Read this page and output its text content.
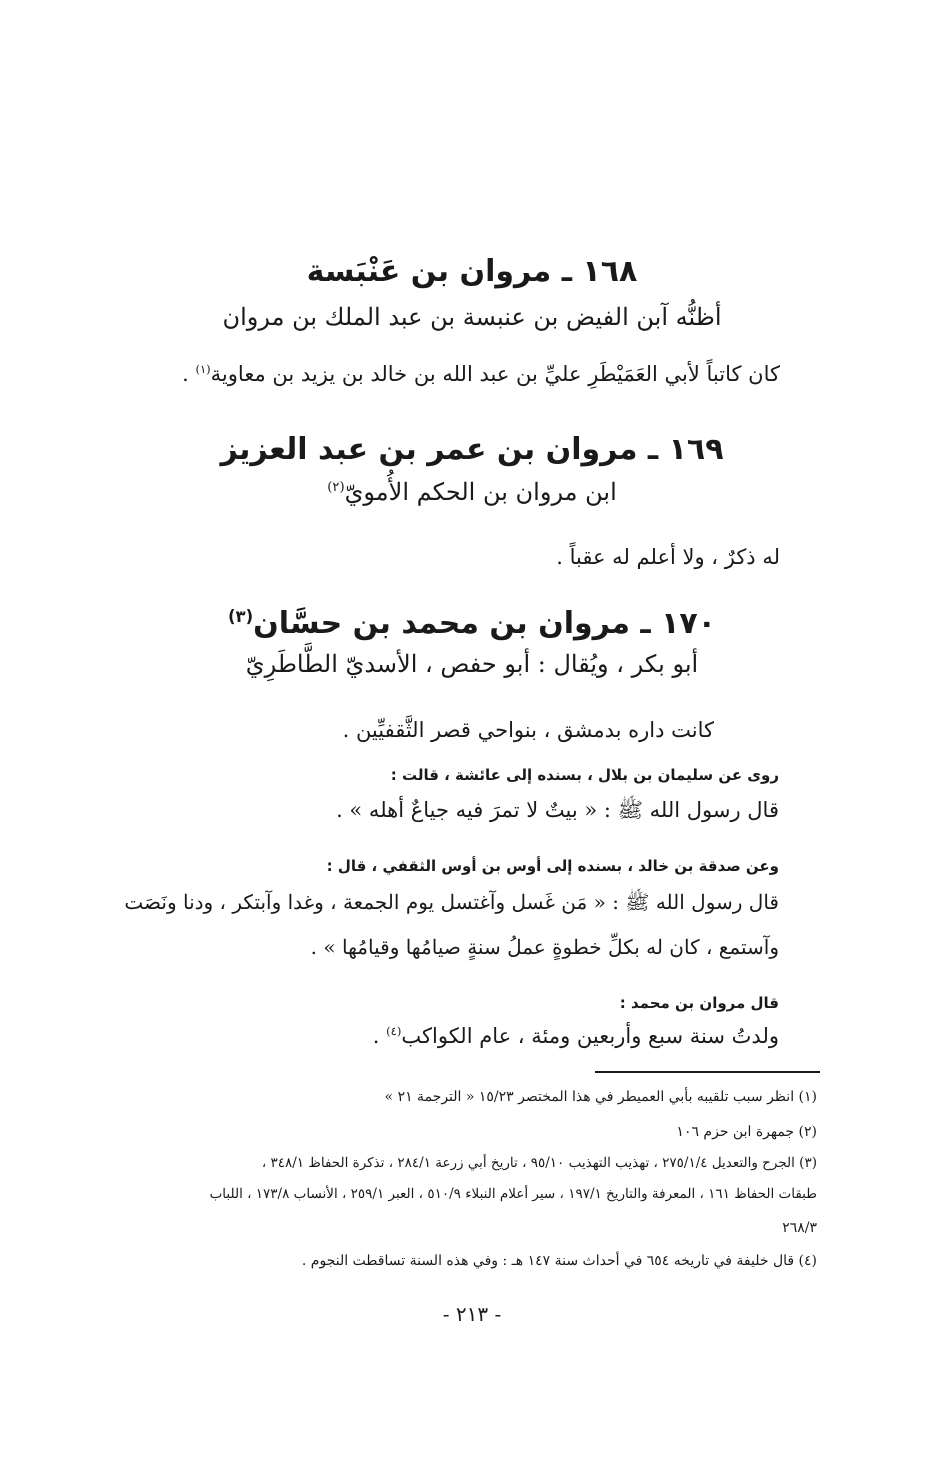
١٦٨ ـ مروان بن عَنْبَسة
أظنُّه آبن الفيض بن عنبسة بن عبد الملك بن مروان
كان كاتباً لأبي العَمَيْطَرِ عليِّ بن عبد الله بن خالد بن يزيد بن معاوية$^{(١)}$ .
١٦٩ ـ مروان بن عمر بن عبد العزيز
ابن مروان بن الحكم الأُمويّ$^{(٢)}$
له ذكرٌ ، ولا أعلم له عقباً .
١٧٠ ـ مروان بن محمد بن حسَّان$^{(٣)}$
أبو بكر ، ويُقال : أبو حفص ، الأسديّ الطَّاطَرِيّ
كانت داره بدمشق ، بنواحي قصر الثَّقفيِّين .
روى عن سليمان بن بلال ، بسنده إلى عائشة ، قالت :
قال رسول الله ﷺ : « بيتٌ لا تمرَ فيه جياعٌ أهله » .
وعن صدقة بن خالد ، بسنده إلى أوس بن أوس الثقفي ، قال :
قال رسول الله ﷺ : « مَن غَسل وآغتسل يوم الجمعة ، وغدا وآبتكر ، ودنا ونَصَت
وآستمع ، كان له بكلِّ خطوةٍ عملُ سنةٍ صيامُها وقيامُها » .
قال مروان بن محمد :
ولدتُ سنة سبع وأربعين ومئة ، عام الكواكب$^{(٤)}$ .
(١) انظر سبب تلقيبه بأبي العميطر في هذا المختصر ١٥/٢٣ « الترجمة ٢١ »
(٢) جمهرة ابن حزم ١٠٦
(٣) الجرح والتعديل ٢٧٥/١/٤ ، تهذيب التهذيب ٩٥/١٠ ، تاريخ أبي زرعة ٢٨٤/١ ، تذكرة الحفاظ ٣٤٨/١ ،
طبقات الحفاظ ١٦١ ، المعرفة والتاريخ ١٩٧/١ ، سير أعلام النبلاء ٥١٠/٩ ، العبر ٢٥٩/١ ، الأنساب ١٧٣/٨ ، اللباب
٢٦٨/٣
(٤) قال خليفة في تاريخه ٦٥٤ في أحداث سنة ١٤٧ هـ : وفي هذه السنة تساقطت النجوم .
- ٢١٣ -
